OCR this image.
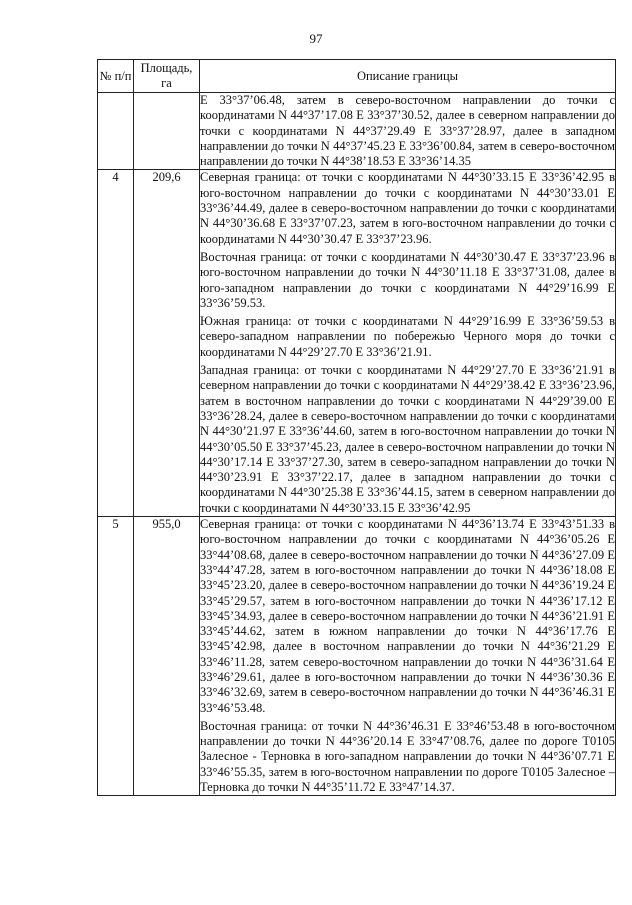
97
№ п/п	Площадь, га	Описание границы

		E 33°37’06.48, затем в северо-восточном направлении до точки с координатами N 44°37’17.08 E 33°37’30.52, далее в северном направлении до точки с координатами N 44°37’29.49 E 33°37’28.97, далее в западном направлении до точки N 44°37’45.23 E 33°36’00.84, затем в северо-восточном направлении до точки N 44°38’18.53 E 33°36’14.35

4	209,6	Северная граница: от точки с координатами N 44°30’33.15 E 33°36’42.95 в юго-восточном направлении до точки с координатами N 44°30’33.01 E 33°36’44.49, далее в северо-восточном направлении до точки с координатами N 44°30’36.68 E 33°37’07.23, затем в юго-восточном направлении до точки с координатами N 44°30’30.47 E 33°37’23.96.
Восточная граница: от точки с координатами N 44°30’30.47 E 33°37’23.96 в юго-восточном направлении до точки N 44°30’11.18 E 33°37’31.08, далее в юго-западном направлении до точки с координатами N 44°29’16.99 E 33°36’59.53.
Южная граница: от точки с координатами N 44°29’16.99 E 33°36’59.53 в северо-западном направлении по побережью Черного моря до точки с координатами N 44°29’27.70 E 33°36’21.91.
Западная граница: от точки с координатами N 44°29’27.70 E 33°36’21.91 в северном направлении до точки с координатами N 44°29’38.42 E 33°36’23.96, затем в восточном направлении до точки с координатами N 44°29’39.00 E 33°36’28.24, далее в северо-восточном направлении до точки с координатами N 44°30’21.97 E 33°36’44.60, затем в юго-восточном направлении до точки N 44°30’05.50 E 33°37’45.23, далее в северо-восточном направлении до точки N 44°30’17.14 E 33°37’27.30, затем в северо-западном направлении до точки N 44°30’23.91 E 33°37’22.17, далее в западном направлении до точки с координатами N 44°30’25.38 E 33°36’44.15, затем в северном направлении до точки с координатами N 44°30’33.15 E 33°36’42.95

5	955,0	Северная граница: от точки с координатами N 44°36’13.74 E 33°43’51.33 в юго-восточном направлении до точки с координатами N 44°36’05.26 E 33°44’08.68, далее в северо-восточном направлении до точки N 44°36’27.09 E 33°44’47.28, затем в юго-восточном направлении до точки N 44°36’18.08 E 33°45’23.20, далее в северо-восточном направлении до точки N 44°36’19.24 E 33°45’29.57, затем в юго-восточном направлении до точки N 44°36’17.12 E 33°45’34.93, далее в северо-восточном направлении до точки N 44°36’21.91 E 33°45’44.62, затем в южном направлении до точки N 44°36’17.76 E 33°45’42.98, далее в восточном направлении до точки N 44°36’21.29 E 33°46’11.28, затем северо-восточном направлении до точки N 44°36’31.64 E 33°46’29.61, далее в юго-восточном направлении до точки N 44°36’30.36 E 33°46’32.69, затем в северо-восточном направлении до точки N 44°36’46.31 E 33°46’53.48.
Восточная граница: от точки N 44°36’46.31 E 33°46’53.48 в юго-восточном направлении до точки N 44°36’20.14 E 33°47’08.76, далее по дороге Т0105 Залесное - Терновка в юго-западном направлении до точки N 44°36’07.71 E 33°46’55.35, затем в юго-восточном направлении по дороге Т0105 Залесное – Терновка до точки N 44°35’11.72 E 33°47’14.37.
